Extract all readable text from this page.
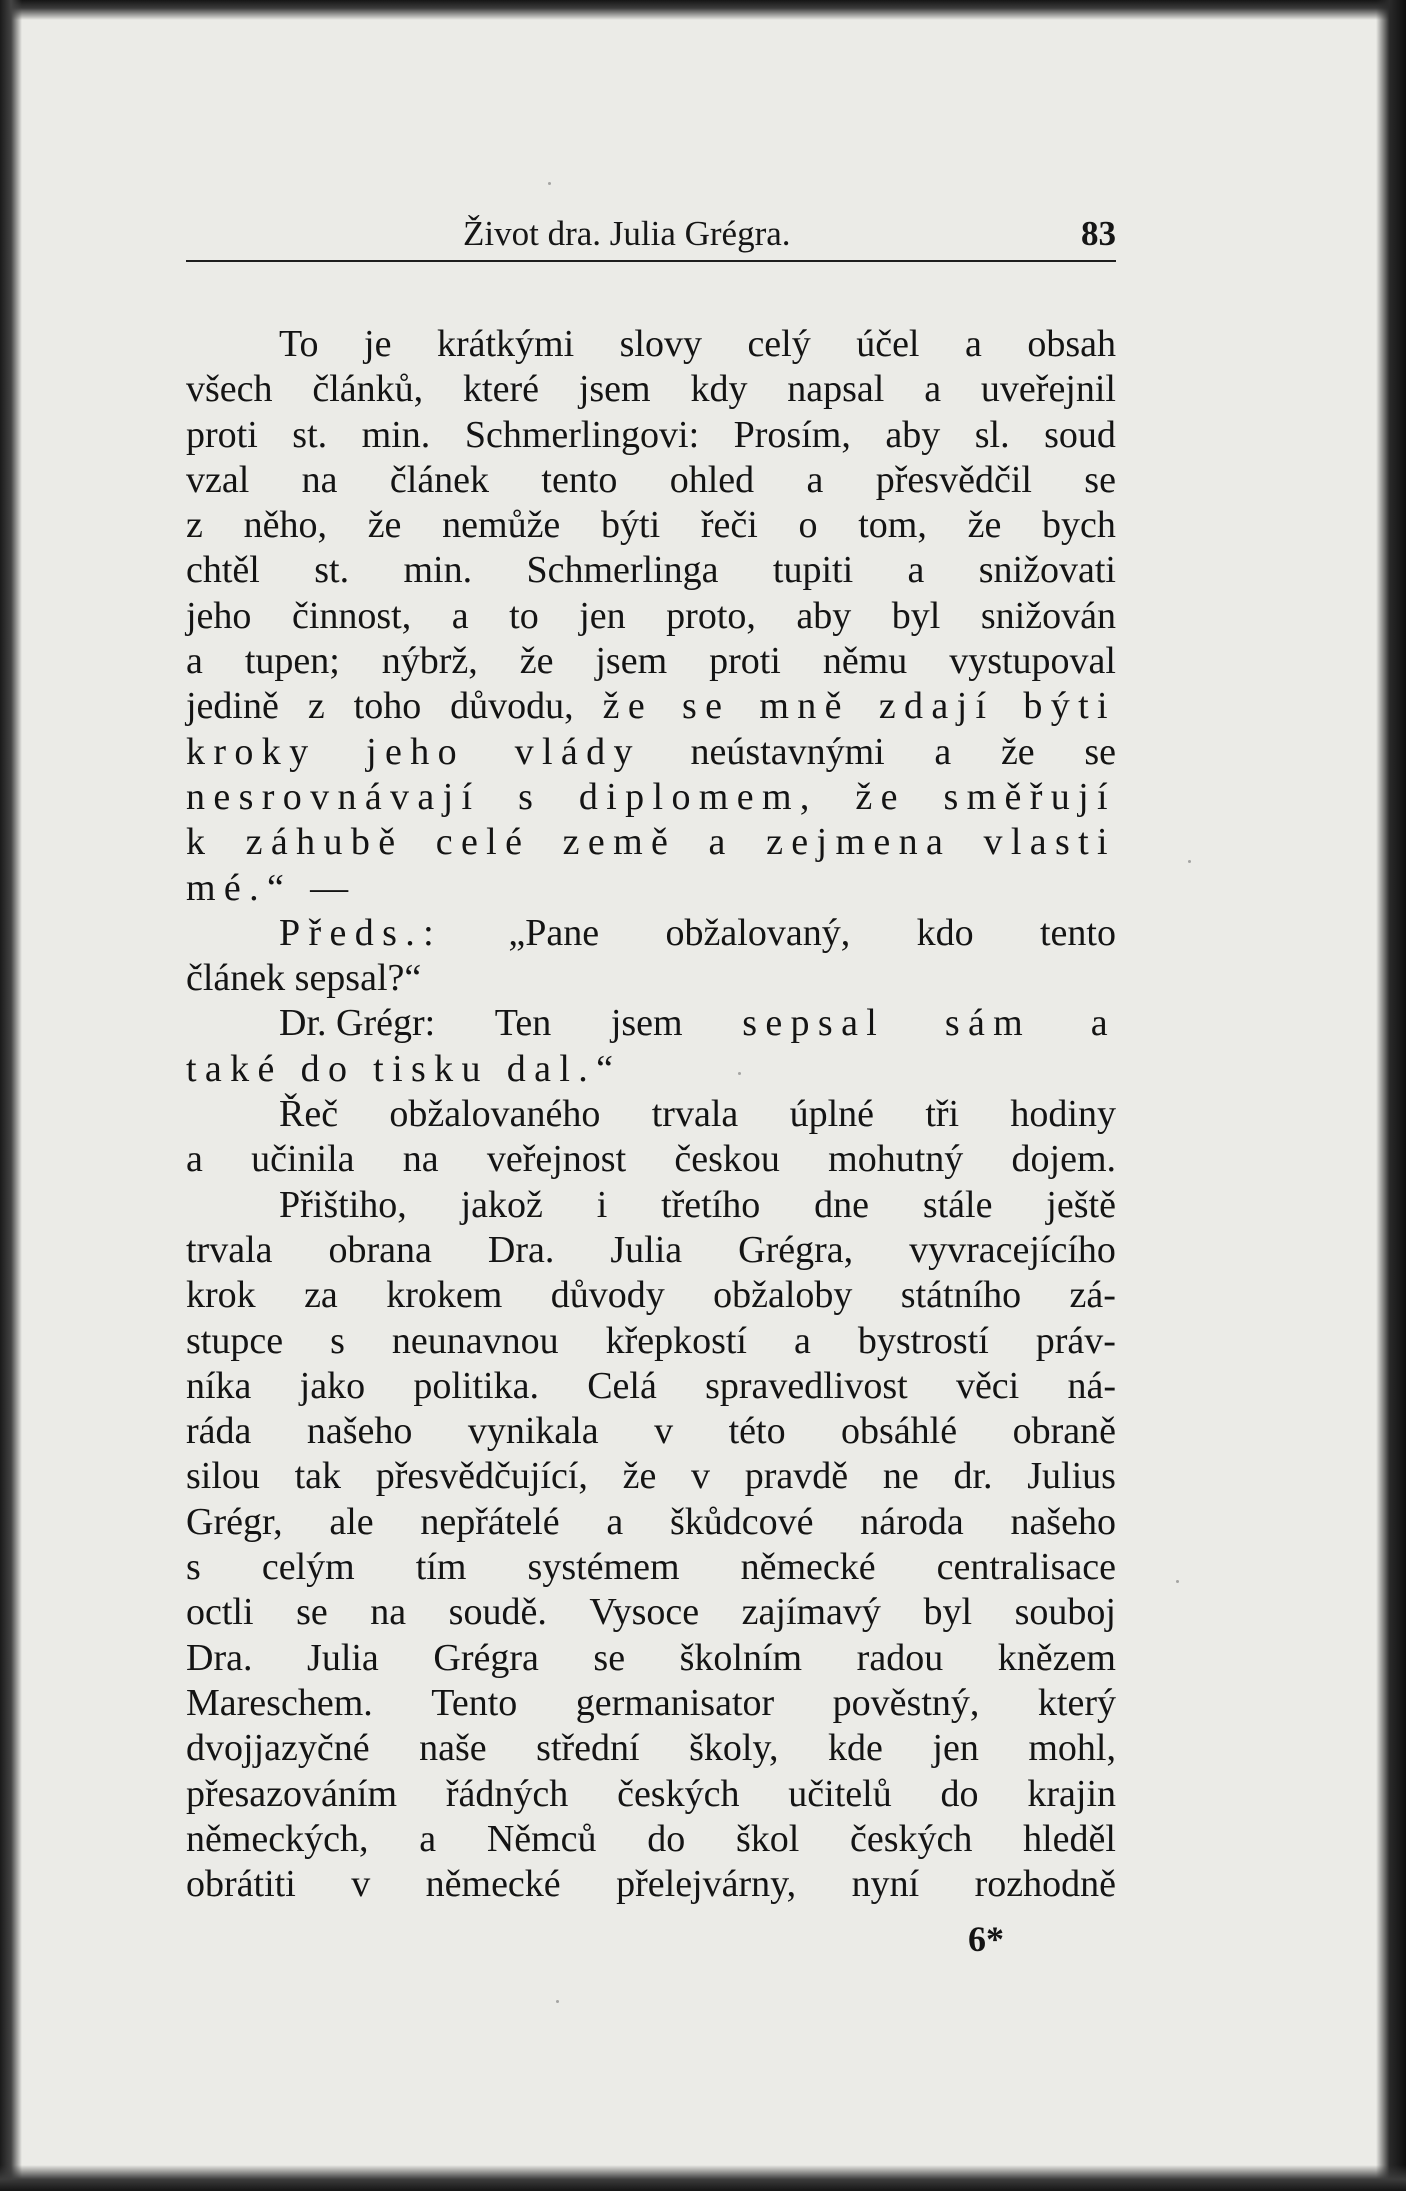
Život dra. Julia Grégra.	83
To je krátkými slovy celý účel a obsah
všech článků, které jsem kdy napsal a uveřejnil
proti st. min. Schmerlingovi: Prosím, aby sl. soud
vzal na článek tento ohled a přesvědčil se
z něho, že nemůže býti řeči o tom, že bych
chtěl st. min. Schmerlinga tupiti a snižovati
jeho činnost, a to jen proto, aby byl snižován
a tupen; nýbrž, že jsem proti němu vystupoval
jedině z toho důvodu, že se mně zdají býti
kroky jeho vlády neústavnými a že se
nesrovnávají s diplomem, že směřují
k záhubě celé země a zejmena vlasti
mé.“ —
Předs.: „Pane obžalovaný, kdo tento
článek sepsal?“
Dr. Grégr: Ten jsem sepsal sám a
také do tisku dal.“
Řeč obžalovaného trvala úplné tři hodiny
a učinila na veřejnost českou mohutný dojem.
Přištiho, jakož i třetího dne stále ještě
trvala obrana Dra. Julia Grégra, vyvracejícího
krok za krokem důvody obžaloby státního zá-
stupce s neunavnou křepkostí a bystrostí práv-
níka jako politika. Celá spravedlivost věci ná-
ráda našeho vynikala v této obsáhlé obraně
silou tak přesvědčující, že v pravdě ne dr. Julius
Grégr, ale nepřátelé a škůdcové národa našeho
s celým tím systémem německé centralisace
octli se na soudě. Vysoce zajímavý byl souboj
Dra. Julia Grégra se školním radou knězem
Mareschem. Tento germanisator pověstný, který
dvojjazyčné naše střední školy, kde jen mohl,
přesazováním řádných českých učitelů do krajin
německých, a Němců do škol českých hleděl
obrátiti v německé přelejvárny, nyní rozhodně
6*
